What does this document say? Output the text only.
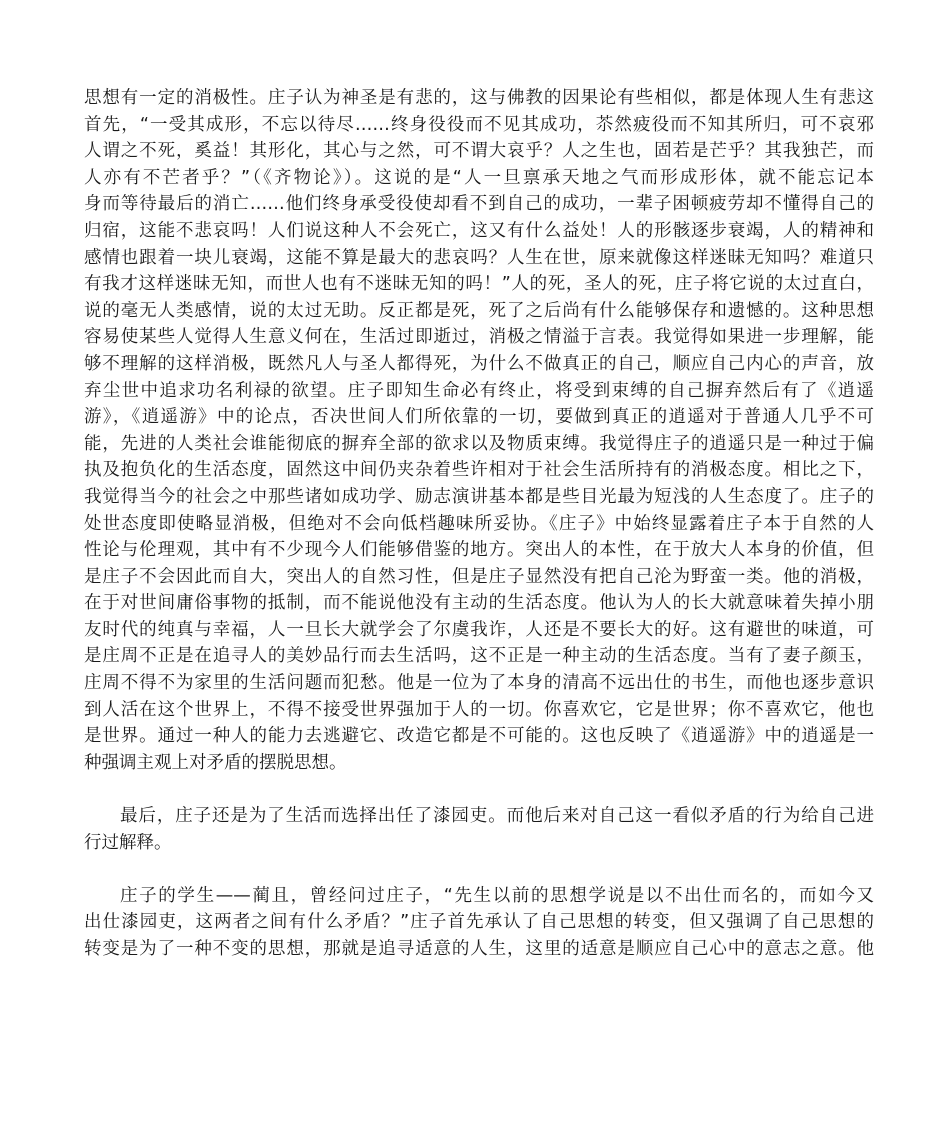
思想有一定的消极性。庄子认为神圣是有悲的，这与佛教的因果论有些相似，都是体现人生有悲这
首先，“一受其成形，不忘以待尽……终身役役而不见其成功，苶然疲役而不知其所归，可不哀邪
人谓之不死，奚益！其形化，其心与之然，可不谓大哀乎？人之生也，固若是芒乎？其我独芒，而
人亦有不芒者乎？”（《齐物论》）。这说的是“人一旦禀承天地之气而形成形体，就不能忘记本
身而等待最后的消亡……他们终身承受役使却看不到自己的成功，一辈子困顿疲劳却不懂得自己的
归宿，这能不悲哀吗！人们说这种人不会死亡，这又有什么益处！人的形骸逐步衰竭，人的精神和
感情也跟着一块儿衰竭，这能不算是最大的悲哀吗？人生在世，原来就像这样迷昧无知吗？难道只
有我才这样迷昧无知，而世人也有不迷昧无知的吗！”人的死，圣人的死，庄子将它说的太过直白，
说的毫无人类感情，说的太过无助。反正都是死，死了之后尚有什么能够保存和遗憾的。这种思想
容易使某些人觉得人生意义何在，生活过即逝过，消极之情溢于言表。我觉得如果进一步理解，能
够不理解的这样消极，既然凡人与圣人都得死，为什么不做真正的自己，顺应自己内心的声音，放
弃尘世中追求功名利禄的欲望。庄子即知生命必有终止，将受到束缚的自己摒弃然后有了《逍遥
游》，《逍遥游》中的论点，否决世间人们所依靠的一切，要做到真正的逍遥对于普通人几乎不可
能，先进的人类社会谁能彻底的摒弃全部的欲求以及物质束缚。我觉得庄子的逍遥只是一种过于偏
执及抱负化的生活态度，固然这中间仍夹杂着些许相对于社会生活所持有的消极态度。相比之下，
我觉得当今的社会之中那些诸如成功学、励志演讲基本都是些目光最为短浅的人生态度了。庄子的
处世态度即使略显消极，但绝对不会向低档趣味所妥协。《庄子》中始终显露着庄子本于自然的人
性论与伦理观，其中有不少现今人们能够借鉴的地方。突出人的本性，在于放大人本身的价值，但
是庄子不会因此而自大，突出人的自然习性，但是庄子显然没有把自己沦为野蛮一类。他的消极，
在于对世间庸俗事物的抵制，而不能说他没有主动的生活态度。他认为人的长大就意味着失掉小朋
友时代的纯真与幸福，人一旦长大就学会了尔虞我诈，人还是不要长大的好。这有避世的味道，可
是庄周不正是在追寻人的美妙品行而去生活吗，这不正是一种主动的生活态度。当有了妻子颜玉，
庄周不得不为家里的生活问题而犯愁。他是一位为了本身的清高不远出仕的书生，而他也逐步意识
到人活在这个世界上，不得不接受世界强加于人的一切。你喜欢它，它是世界；你不喜欢它，他也
是世界。通过一种人的能力去逃避它、改造它都是不可能的。这也反映了《逍遥游》中的逍遥是一
种强调主观上对矛盾的摆脱思想。

最后，庄子还是为了生活而选择出任了漆园吏。而他后来对自己这一看似矛盾的行为给自己进
行过解释。

庄子的学生——蔺且，曾经问过庄子，“先生以前的思想学说是以不出仕而名的，而如今又
出仕漆园吏，这两者之间有什么矛盾？”庄子首先承认了自己思想的转变，但又强调了自己思想的
转变是为了一种不变的思想，那就是追寻适意的人生，这里的适意是顺应自己心中的意志之意。他
